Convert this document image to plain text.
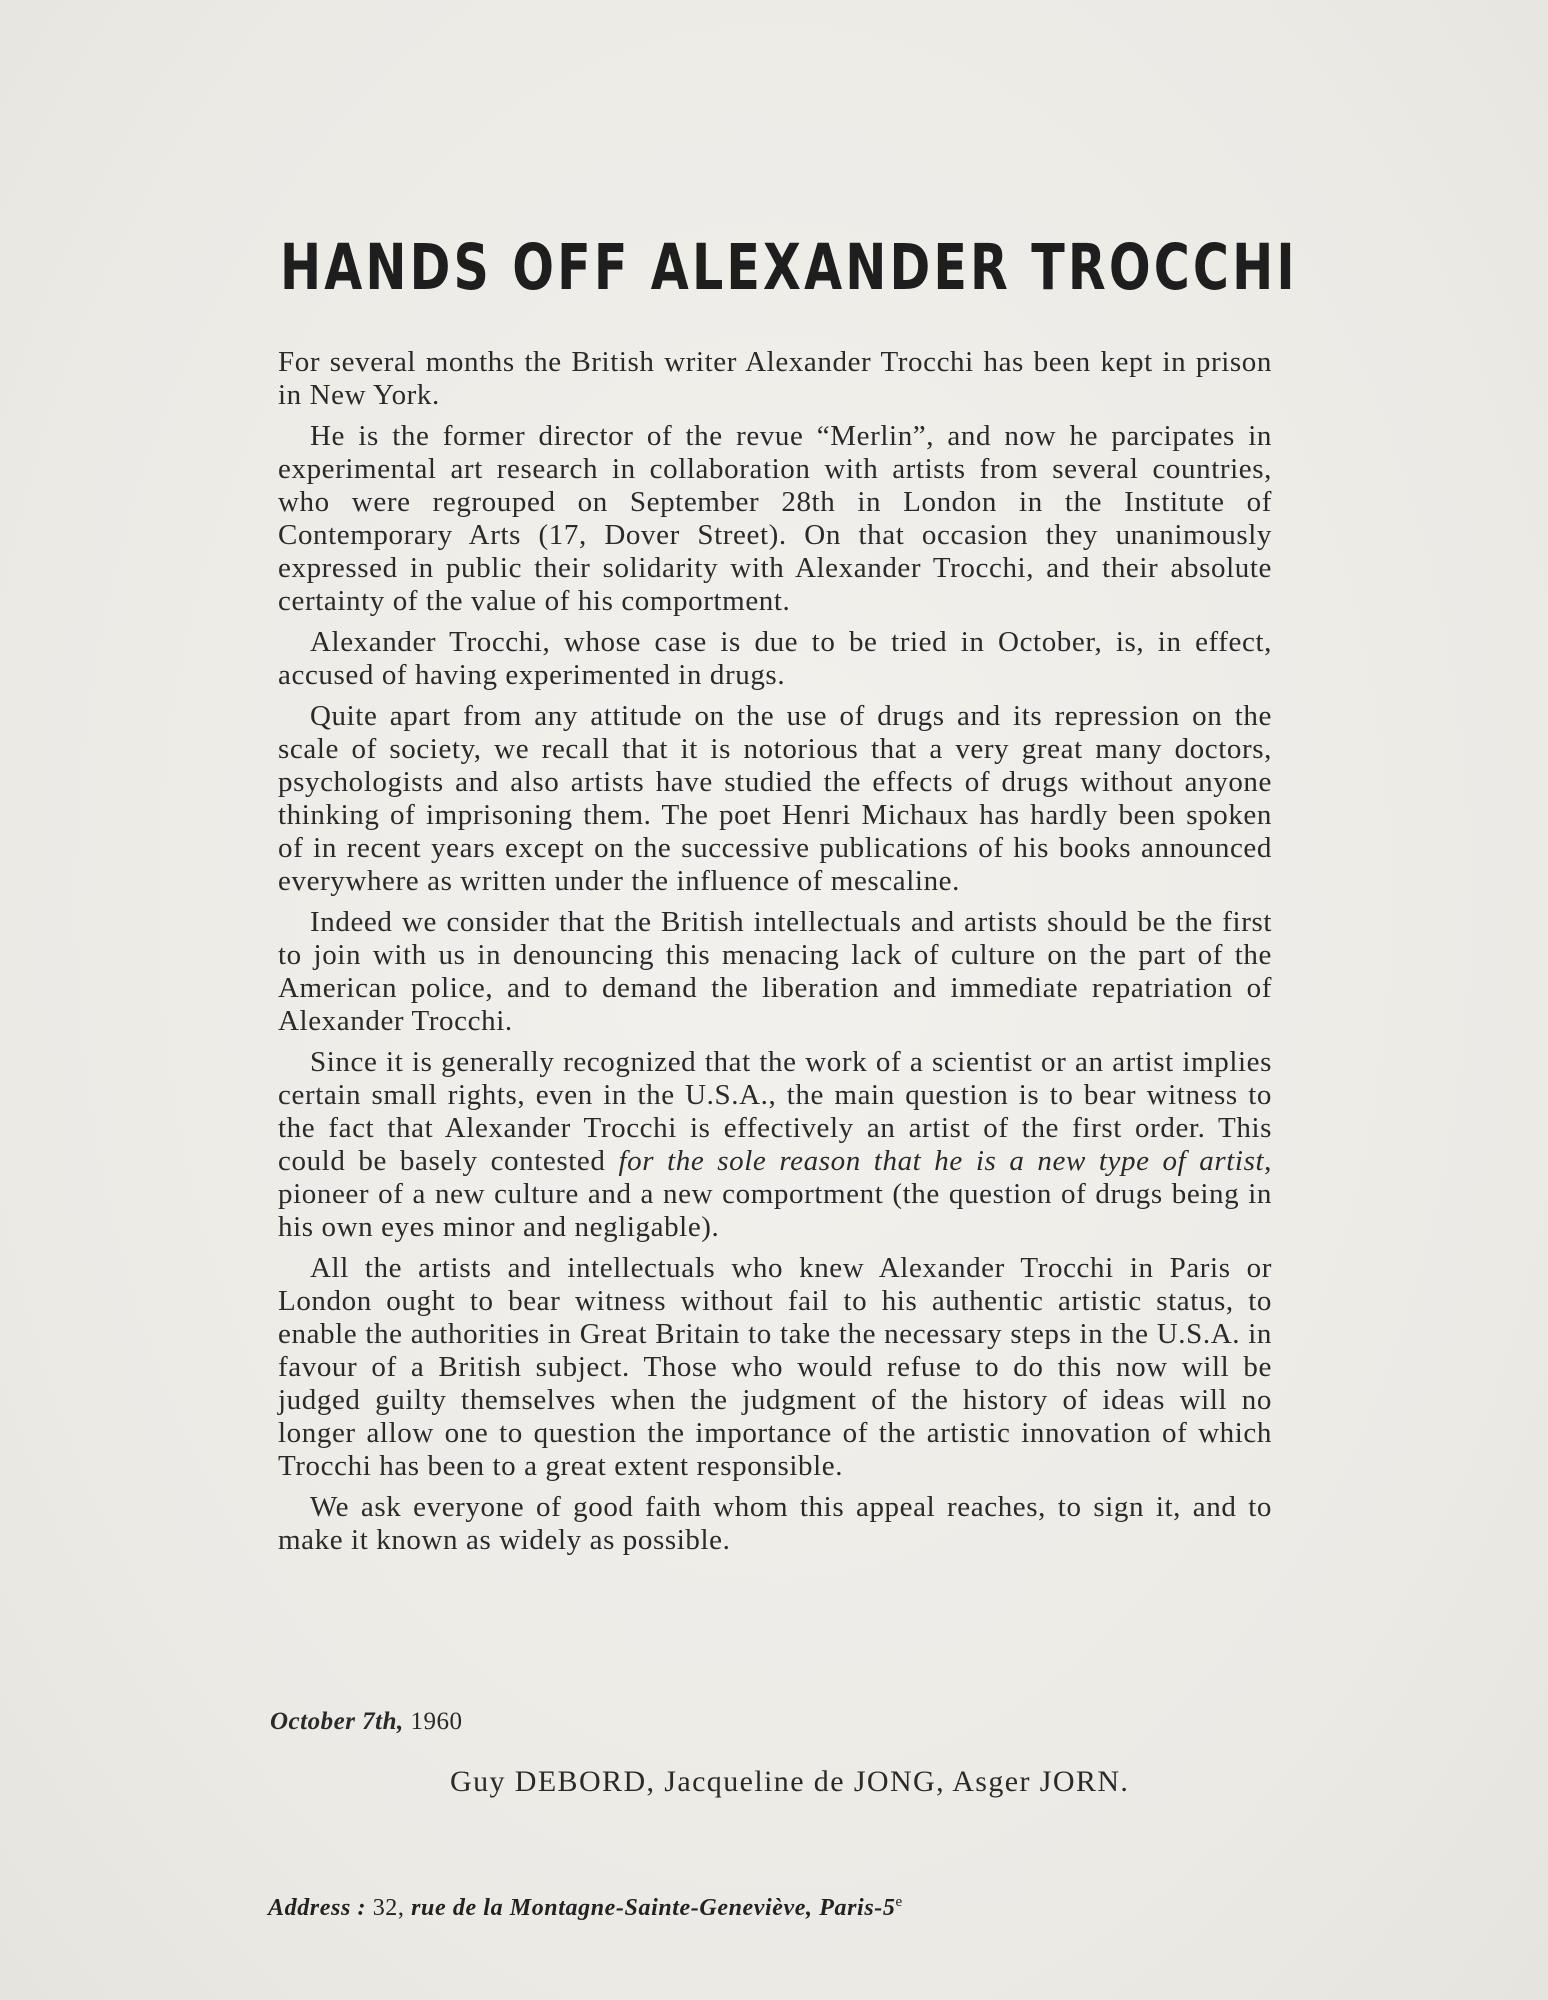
HANDS OFF ALEXANDER TROCCHI

For several months the British writer Alexander Trocchi has been kept in prison in New York.

He is the former director of the revue “Merlin”, and now he parcipates in experimental art research in collaboration with artists from several countries, who were regrouped on September 28th in London in the Institute of Contemporary Arts (17, Dover Street). On that occasion they unanimously expressed in public their solidarity with Alexander Trocchi, and their absolute certainty of the value of his comportment.

Alexander Trocchi, whose case is due to be tried in October, is, in effect, accused of having experimented in drugs.

Quite apart from any attitude on the use of drugs and its repression on the scale of society, we recall that it is notorious that a very great many doctors, psychologists and also artists have studied the effects of drugs without anyone thinking of imprisoning them. The poet Henri Michaux has hardly been spoken of in recent years except on the successive publications of his books announced everywhere as written under the influence of mescaline.

Indeed we consider that the British intellectuals and artists should be the first to join with us in denouncing this menacing lack of culture on the part of the American police, and to demand the liberation and immediate repatriation of Alexander Trocchi.

Since it is generally recognized that the work of a scientist or an artist implies certain small rights, even in the U.S.A., the main question is to bear witness to the fact that Alexander Trocchi is effectively an artist of the first order. This could be basely contested for the sole reason that he is a new type of artist, pioneer of a new culture and a new comportment (the question of drugs being in his own eyes minor and negligable).

All the artists and intellectuals who knew Alexander Trocchi in Paris or London ought to bear witness without fail to his authentic artistic status, to enable the authorities in Great Britain to take the necessary steps in the U.S.A. in favour of a British subject. Those who would refuse to do this now will be judged guilty themselves when the judgment of the history of ideas will no longer allow one to question the importance of the artistic innovation of which Trocchi has been to a great extent responsible.

We ask everyone of good faith whom this appeal reaches, to sign it, and to make it known as widely as possible.

October 7th, 1960
Guy DEBORD, Jacqueline de JONG, Asger JORN.
Address : 32, rue de la Montagne-Sainte-Geneviève, Paris-5e
